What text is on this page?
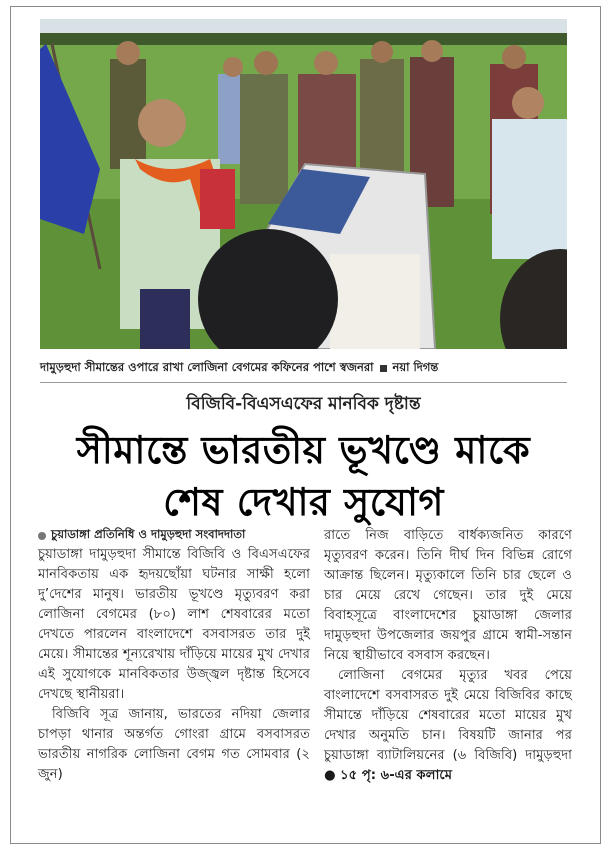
দামুড়হুদা সীমান্তের ওপারে রাখা লোজিনা বেগমের কফিনের পাশে স্বজনরা নয়া দিগন্ত
বিজিবি-বিএসএফের মানবিক দৃষ্টান্ত
সীমান্তে ভারতীয় ভূখণ্ডে মাকে
শেষ দেখার সুযোগ
চুয়াডাঙ্গা প্রতিনিধি ও দামুড়হুদা সংবাদদাতা

চুয়াডাঙ্গা দামুড়হুদা সীমান্তে বিজিবি ও বিএসএফের মানবিকতায় এক হৃদয়ছোঁয়া ঘটনার সাক্ষী হলো দু’দেশের মানুষ। ভারতীয় ভূখণ্ডে মৃত্যুবরণ করা লোজিনা বেগমের (৮০) লাশ শেষবারের মতো দেখতে পারলেন বাংলাদেশে বসবাসরত তার দুই মেয়ে। সীমান্তের শূন্যরেখায় দাঁড়িয়ে মায়ের মুখ দেখার এই সুযোগকে মানবিকতার উজ্জ্বল দৃষ্টান্ত হিসেবে দেখছে স্থানীয়রা।

বিজিবি সূত্র জানায়, ভারতের নদিয়া জেলার চাপড়া থানার অন্তর্গত গোংরা গ্রামে বসবাসরত ভারতীয় নাগরিক লোজিনা বেগম গত সোমবার (২ জুন)

রাতে নিজ বাড়িতে বার্ধক্যজনিত কারণে মৃত্যুবরণ করেন। তিনি দীর্ঘ দিন বিভিন্ন রোগে আক্রান্ত ছিলেন। মৃত্যুকালে তিনি চার ছেলে ও চার মেয়ে রেখে গেছেন। তার দুই মেয়ে বিবাহসূত্রে বাংলাদেশের চুয়াডাঙ্গা জেলার দামুড়হুদা উপজেলার জয়পুর গ্রামে স্বামী-সন্তান নিয়ে স্থায়ীভাবে বসবাস করছেন।

লোজিনা বেগমের মৃত্যুর খবর পেয়ে বাংলাদেশে বসবাসরত দুই মেয়ে বিজিবির কাছে সীমান্তে দাঁড়িয়ে শেষবারের মতো মায়ের মুখ দেখার অনুমতি চান। বিষয়টি জানার পর চুয়াডাঙ্গা ব্যাটালিয়নের (৬ বিজিবি) দামুড়হুদা ● ১৫ পৃ: ৬-এর কলামে
